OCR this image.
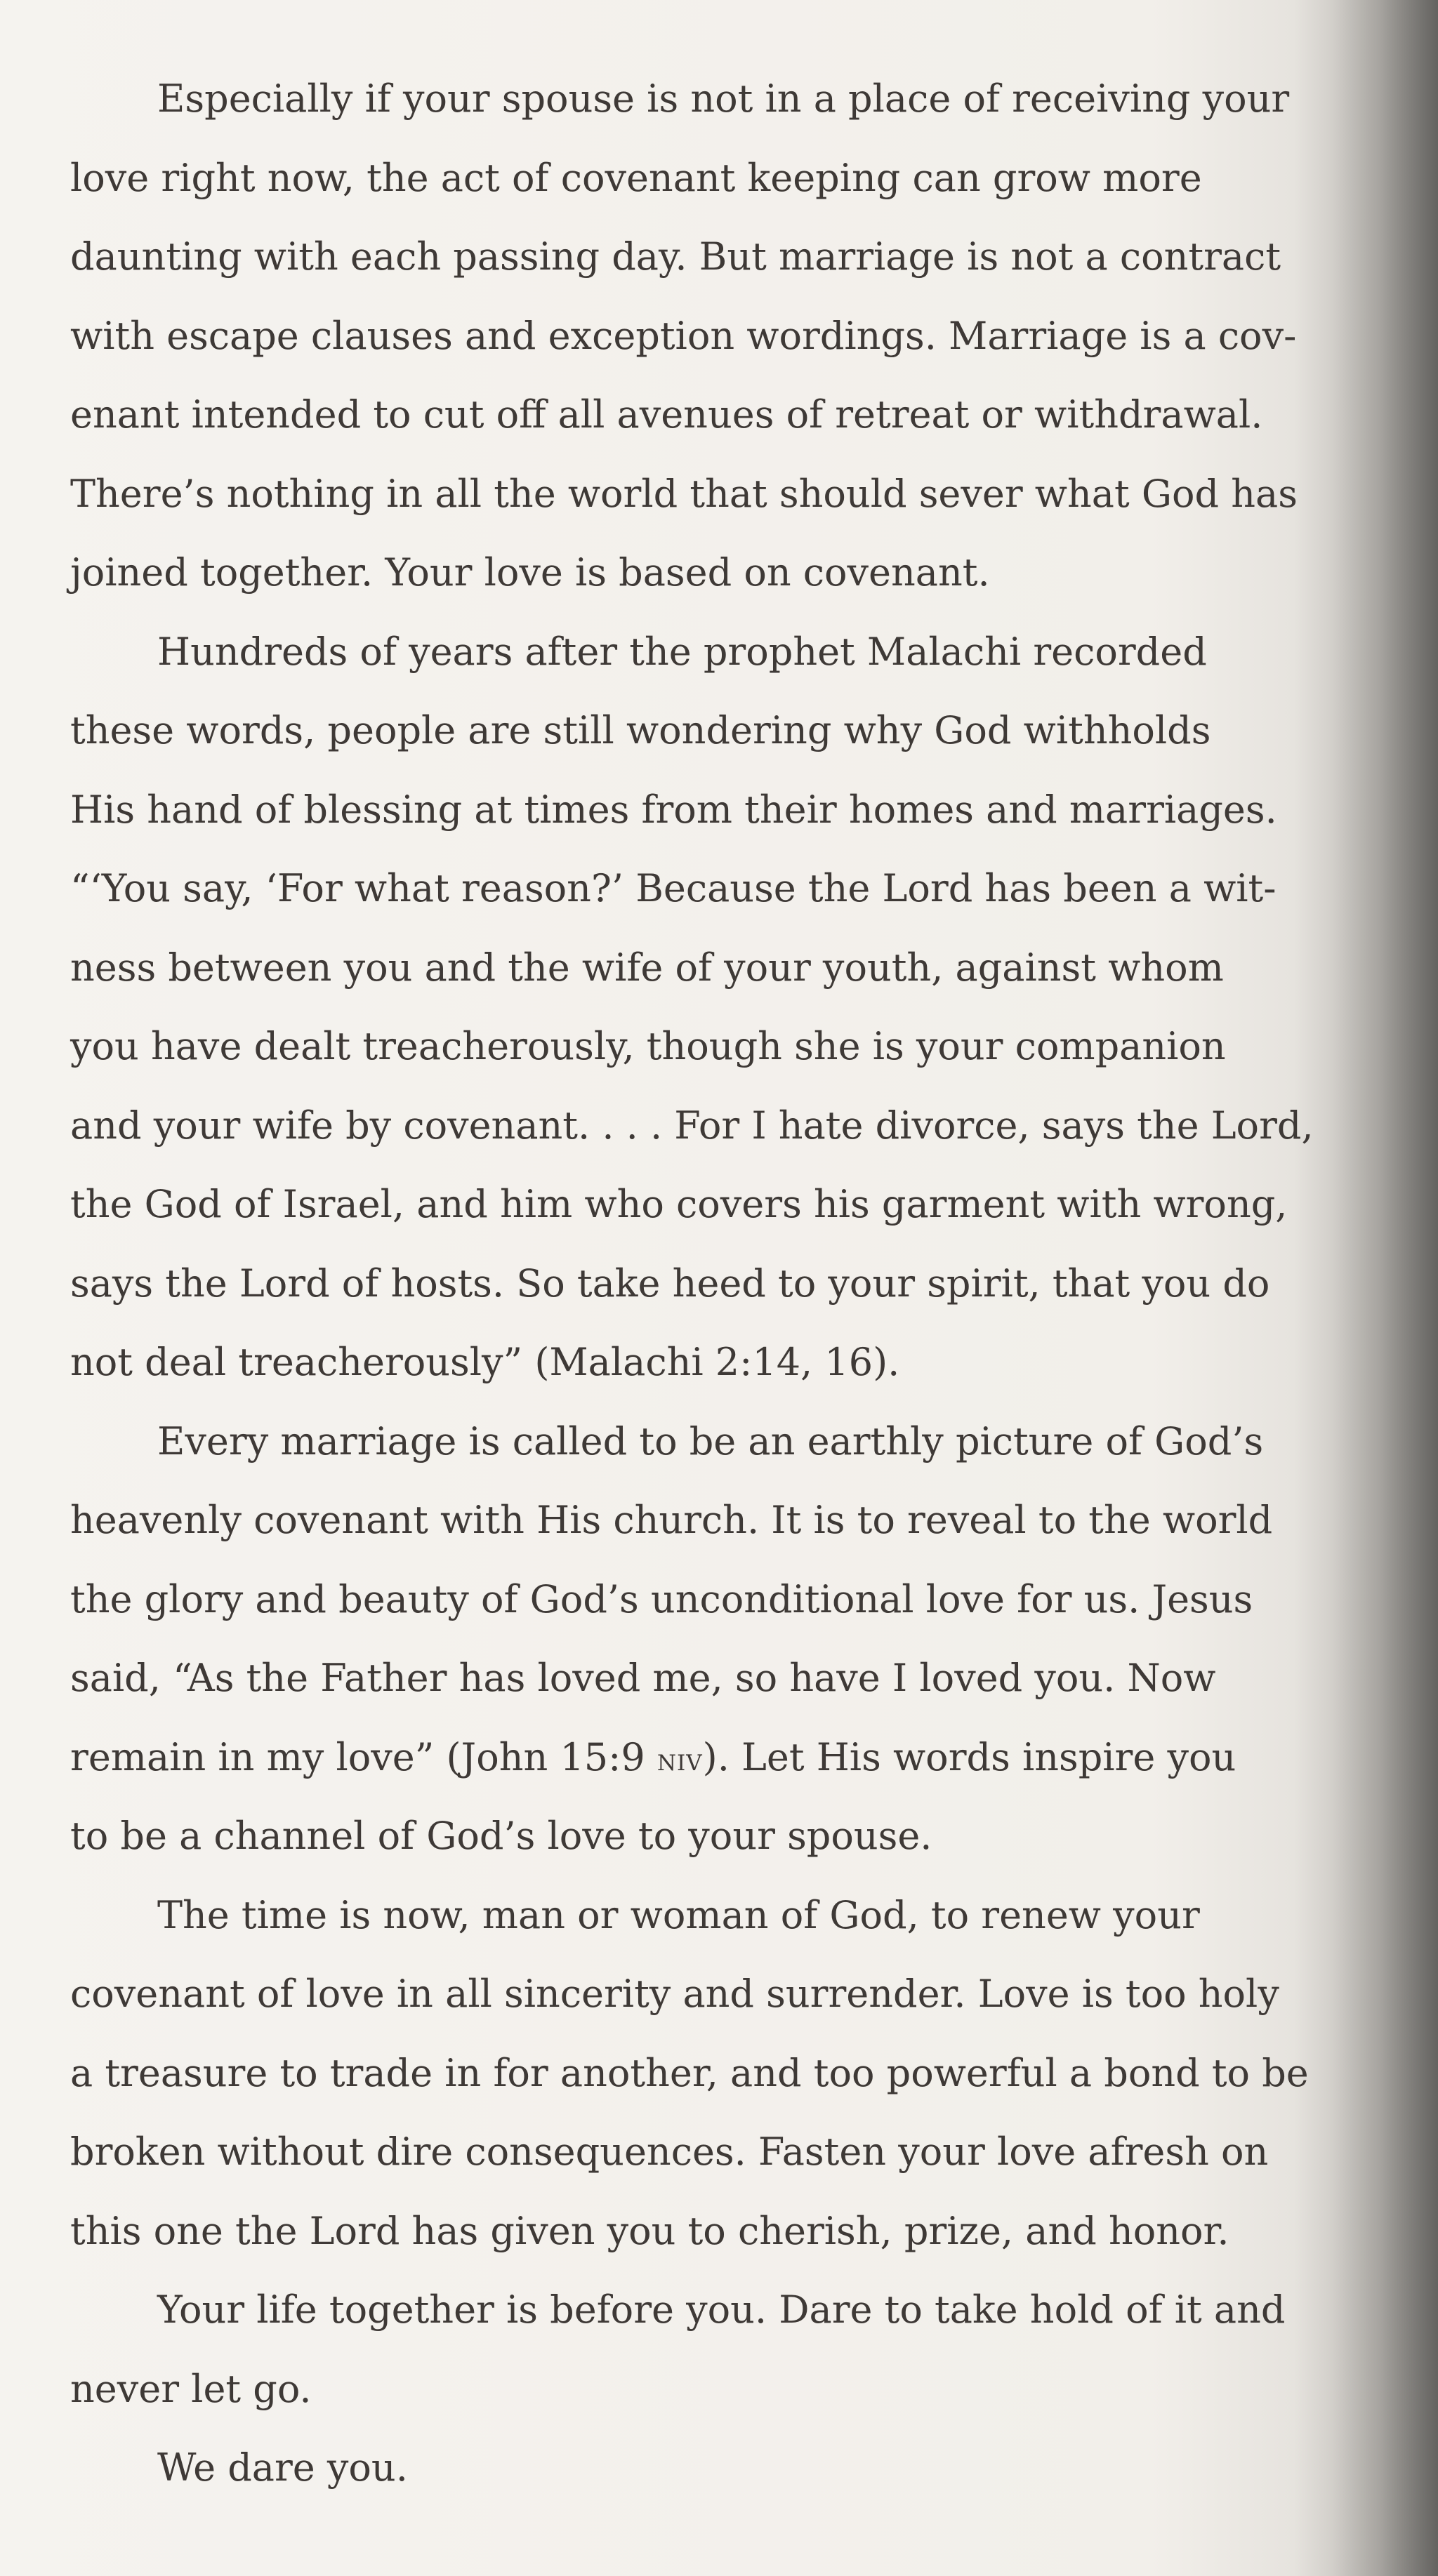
Especially if your spouse is not in a place of receiving your
love right now, the act of covenant keeping can grow more
daunting with each passing day. But marriage is not a contract
with escape clauses and exception wordings. Marriage is a cov-
enant intended to cut off all avenues of retreat or withdrawal.
There’s nothing in all the world that should sever what God has
joined together. Your love is based on covenant.
Hundreds of years after the prophet Malachi recorded
these words, people are still wondering why God withholds
His hand of blessing at times from their homes and marriages.
“‘You say, ‘For what reason?’ Because the Lord has been a wit-
ness between you and the wife of your youth, against whom
you have dealt treacherously, though she is your companion
and your wife by covenant. . . . For I hate divorce, says the Lord,
the God of Israel, and him who covers his garment with wrong,
says the Lord of hosts. So take heed to your spirit, that you do
not deal treacherously” (Malachi 2:14, 16).
Every marriage is called to be an earthly picture of God’s
heavenly covenant with His church. It is to reveal to the world
the glory and beauty of God’s unconditional love for us. Jesus
said, “As the Father has loved me, so have I loved you. Now
remain in my love” (John 15:9 niv). Let His words inspire you
to be a channel of God’s love to your spouse.
The time is now, man or woman of God, to renew your
covenant of love in all sincerity and surrender. Love is too holy
a treasure to trade in for another, and too powerful a bond to be
broken without dire consequences. Fasten your love afresh on
this one the Lord has given you to cherish, prize, and honor.
Your life together is before you. Dare to take hold of it and
never let go.
We dare you.
